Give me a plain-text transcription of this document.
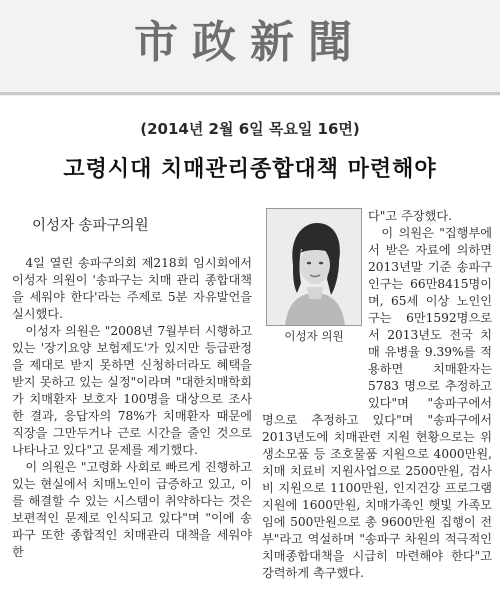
市政新聞
(2014년 2월 6일 목요일 16면)
고령시대 치매관리종합대책 마련해야
이성자 송파구의원

4일 열린 송파구의회 제218회 임시회에서 이성자 의원이 '송파구는 치매 관리 종합대책을 세워야 한다'라는 주제로 5분 자유발언을 실시했다.

이성자 의원은 "2008년 7월부터 시행하고 있는 '장기요양 보험제도'가 있지만 등급판정을 제대로 받지 못하면 신청하더라도 혜택을 받지 못하고 있는 실정"이라며 "대한치매학회가 치매환자 보호자 100명을 대상으로 조사한 결과, 응답자의 78%가 치매환자 때문에 직장을 그만두거나 근로 시간을 줄인 것으로 나타나고 있다"고 문제를 제기했다.

이 의원은 "고령화 사회로 빠르게 진행하고 있는 현실에서 치매노인이 급증하고 있고, 이를 해결할 수 있는 시스템이 취약하다는 것은 보편적인 문제로 인식되고 있다"며 "이에 송파구 또한 종합적인 치매관리 대책을 세워야 한

이성자 의원

다"고 주장했다.

이 의원은 "집행부에서 받은 자료에 의하면 2013년말 기준 송파구 인구는 66만8415명이며, 65세 이상 노인인구는 6만1592명으로서 2013년도 전국 치매 유병율 9.39%를 적용하면 치매환자는 5783 명으로 추정하고 있다"며 "송파구에서

명으로 추정하고 있다"며 "송파구에서 2013년도에 치매관련 지원 현황으로는 위생소모품 등 조호물품 지원으로 4000만원, 치매 치료비 지원사업으로 2500만원, 검사비 지원으로 1100만원, 인지건강 프로그램 지원에 1600만원, 치매가족인 햇빛 가족모임에 500만원으로 총 9600만원 집행이 전부"라고 역설하며 "송파구 차원의 적극적인 치매종합대책을 시급히 마련해야 한다"고 강력하게 촉구했다.
